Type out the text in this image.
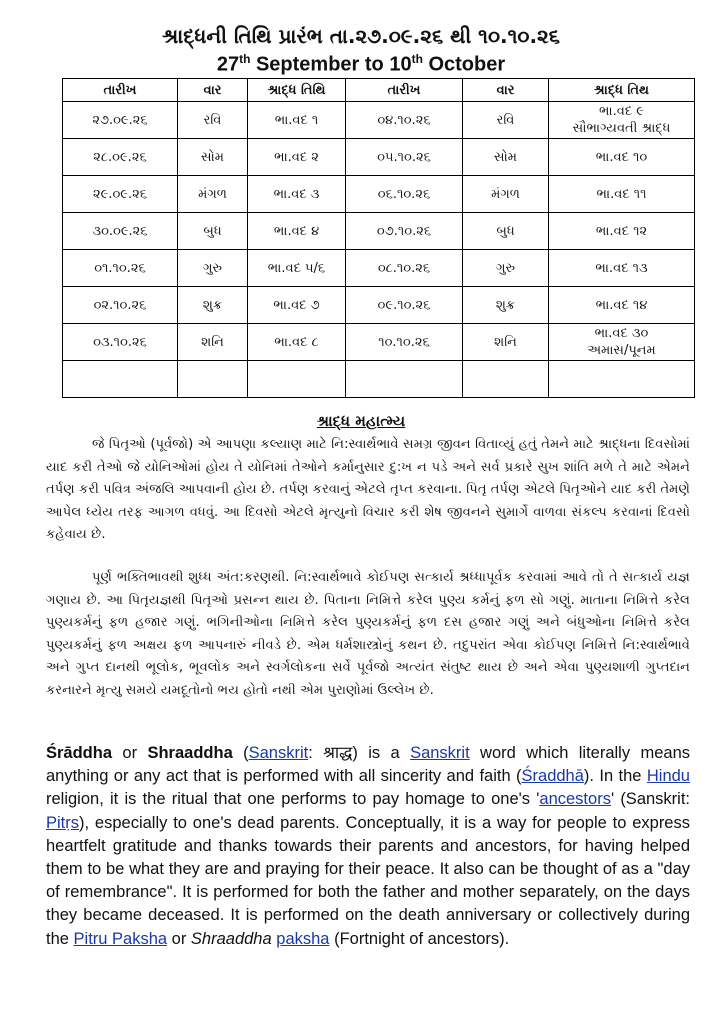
શ્રાદ્ધની તિથિ પ્રારંભ તા.૨૭.૦૯.૨૬ થી ૧૦.૧૦.૨૬
27th September to 10th October
તારીખ	વાર	શ્રાદ્ધ તિથિ	તારીખ	વાર	શ્રાદ્ધ તિથ
૨૭.૦૯.૨૬	રવિ	ભા.વદ ૧	૦૪.૧૦.૨૬	રવિ	ભા.વદ ૯
સૌભાગ્યવતી શ્રાદ્ધ
૨૮.૦૯.૨૬	સોમ	ભા.વદ ૨	૦૫.૧૦.૨૬	સોમ	ભા.વદ ૧૦
૨૯.૦૯.૨૬	મંગળ	ભા.વદ ૩	૦૬.૧૦.૨૬	મંગળ	ભા.વદ ૧૧
૩૦.૦૯.૨૬	બુધ	ભા.વદ ૪	૦૭.૧૦.૨૬	બુધ	ભા.વદ ૧૨
૦૧.૧૦.૨૬	ગુરુ	ભા.વદ ૫/૬	૦૮.૧૦.૨૬	ગુરુ	ભા.વદ ૧૩
૦૨.૧૦.૨૬	શુક્ર	ભા.વદ ૭	૦૯.૧૦.૨૬	શુક્ર	ભા.વદ ૧૪
૦૩.૧૦.૨૬	શનિ	ભા.વદ ૮	૧૦.૧૦.૨૬	શનિ	ભા.વદ ૩૦
અમાસ/પૂનમ

શ્રાદ્ધ મહાત્મ્ય

જે પિતૃઓ (પૂર્વજો) એ આપણા કલ્યાણ માટે નિ:સ્વાર્થભાવે સમગ્ર જીવન વિતાવ્યું હતું તેમને માટે શ્રાદ્ધના દિવસોમાં યાદ કરી તેઓ જે યોનિઓમાં હોય તે યોનિમાં તેઓને કર્માનુસાર દુ:ખ ન પડે અને સર્વ પ્રકારે સુખ શાંતિ મળે તે માટે એમને તર્પણ કરી પવિત્ર અંજલિ આપવાની હોય છે. તર્પણ કરવાનું એટલે તૃપ્ત કરવાના. પિતૃ તર્પણ એટલે પિતૃઓને યાદ કરી તેમણે આપેલ ધ્યેય તરફ આગળ વધવું. આ દિવસો એટલે મૃત્યુનો વિચાર કરી શેષ જીવનને સુમાર્ગે વાળવા સંકલ્પ કરવાનાં દિવસો કહેવાય છે.

પૂર્ણ ભક્તિભાવથી શુધ્ધ અંત:કરણથી. નિ:સ્વાર્થભાવે કોઈપણ સત્કાર્ય શ્રધ્ધાપૂર્વક કરવામાં આવે તો તે સત્કાર્ય યજ્ઞ ગણાય છે. આ પિતૃયજ્ઞથી પિતૃઓ પ્રસન્ન થાય છે. પિતાના નિમિત્તે કરેલ પુણ્ય કર્મનું ફળ સો ગણું. માતાના નિમિત્તે કરેલ પુણ્યકર્મનું ફળ હજાર ગણું. ભગિનીઓના નિમિત્તે કરેલ પુણ્યકર્મનું ફળ દસ હજાર ગણું અને બંધુઓના નિમિત્તે કરેલ પુણ્યકર્મનું ફળ અક્ષય ફળ આપનારું નીવડે છે. એમ ધર્મશાસ્ત્રોનું કથન છે. તદુપરાંત એવા કોઈપણ નિમિત્તે નિ:સ્વાર્થભાવે અને ગુપ્ત દાનથી ભૂલોક, ભૂવલોક અને સ્વર્ગલોકના સર્વે પૂર્વજો અત્યંત સંતુષ્ટ થાય છે અને એવા પુણ્યશાળી ગુપ્તદાન કરનારને મૃત્યુ સમયે યમદૂતોનો ભય હોતો નથી એમ પુરાણોમાં ઉલ્લેખ છે.

Śrāddha or Shraaddha (Sanskrit: श्राद्ध) is a Sanskrit word which literally means anything or any act that is performed with all sincerity and faith (Śraddhā). In the Hindu religion, it is the ritual that one performs to pay homage to one's 'ancestors' (Sanskrit: Pitṛs), especially to one's dead parents. Conceptually, it is a way for people to express heartfelt gratitude and thanks towards their parents and ancestors, for having helped them to be what they are and praying for their peace. It also can be thought of as a "day of remembrance". It is performed for both the father and mother separately, on the days they became deceased. It is performed on the death anniversary or collectively during the Pitru Paksha or Shraaddha paksha (Fortnight of ancestors).
